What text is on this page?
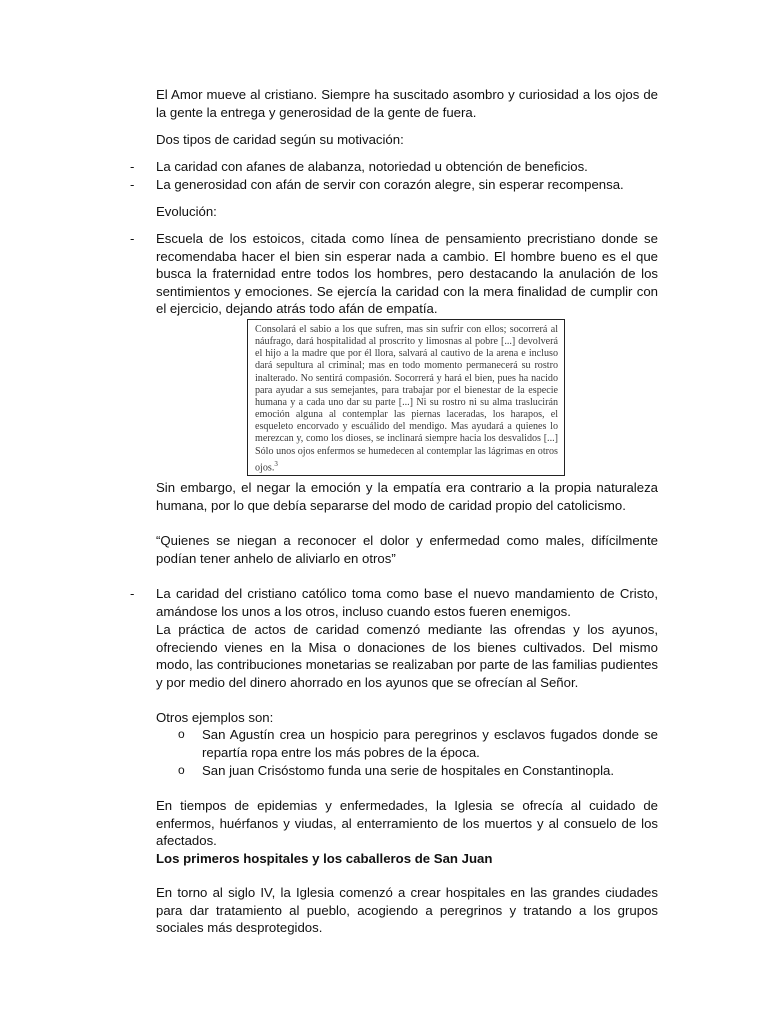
El Amor mueve al cristiano. Siempre ha suscitado asombro y curiosidad a los ojos de la gente la entrega y generosidad de la gente de fuera.

Dos tipos de caridad según su motivación:

- La caridad con afanes de alabanza, notoriedad u obtención de beneficios.
- La generosidad con afán de servir con corazón alegre, sin esperar recompensa.

Evolución:

- Escuela de los estoicos, citada como línea de pensamiento precristiano donde se recomendaba hacer el bien sin esperar nada a cambio. El hombre bueno es el que busca la fraternidad entre todos los hombres, pero destacando la anulación de los sentimientos y emociones. Se ejercía la caridad con la mera finalidad de cumplir con el ejercicio, dejando atrás todo afán de empatía.
Consolará el sabio a los que sufren, mas sin sufrir con ellos; socorrerá al náufrago, dará hospitalidad al proscrito y limosnas al pobre [...] devolverá el hijo a la madre que por él llora, salvará al cautivo de la arena e incluso dará sepultura al criminal; mas en todo momento permanecerá su rostro inalterado. No sentirá compasión. Socorrerá y hará el bien, pues ha nacido para ayudar a sus semejantes, para trabajar por el bienestar de la especie humana y a cada uno dar su parte [...] Ni su rostro ni su alma traslucirán emoción alguna al contemplar las piernas laceradas, los harapos, el esqueleto encorvado y escuálido del mendigo. Mas ayudará a quienes lo merezcan y, como los dioses, se inclinará siempre hacia los desvalidos [...] Sólo unos ojos enfermos se humedecen al contemplar las lágrimas en otros ojos.$^3$

Sin embargo, el negar la emoción y la empatía era contrario a la propia naturaleza humana, por lo que debía separarse del modo de caridad propio del catolicismo.

“Quienes se niegan a reconocer el dolor y enfermedad como males, difícilmente podían tener anhelo de aliviarlo en otros”

- La caridad del cristiano católico toma como base el nuevo mandamiento de Cristo, amándose los unos a los otros, incluso cuando estos fueren enemigos.

La práctica de actos de caridad comenzó mediante las ofrendas y los ayunos, ofreciendo vienes en la Misa o donaciones de los bienes cultivados. Del mismo modo, las contribuciones monetarias se realizaban por parte de las familias pudientes y por medio del dinero ahorrado en los ayunos que se ofrecían al Señor.

Otros ejemplos son:

o San Agustín crea un hospicio para peregrinos y esclavos fugados donde se repartía ropa entre los más pobres de la época.
o San juan Crisóstomo funda una serie de hospitales en Constantinopla.

En tiempos de epidemias y enfermedades, la Iglesia se ofrecía al cuidado de enfermos, huérfanos y viudas, al enterramiento de los muertos y al consuelo de los afectados.

Los primeros hospitales y los caballeros de San Juan

En torno al siglo IV, la Iglesia comenzó a crear hospitales en las grandes ciudades para dar tratamiento al pueblo, acogiendo a peregrinos y tratando a los grupos sociales más desprotegidos.
